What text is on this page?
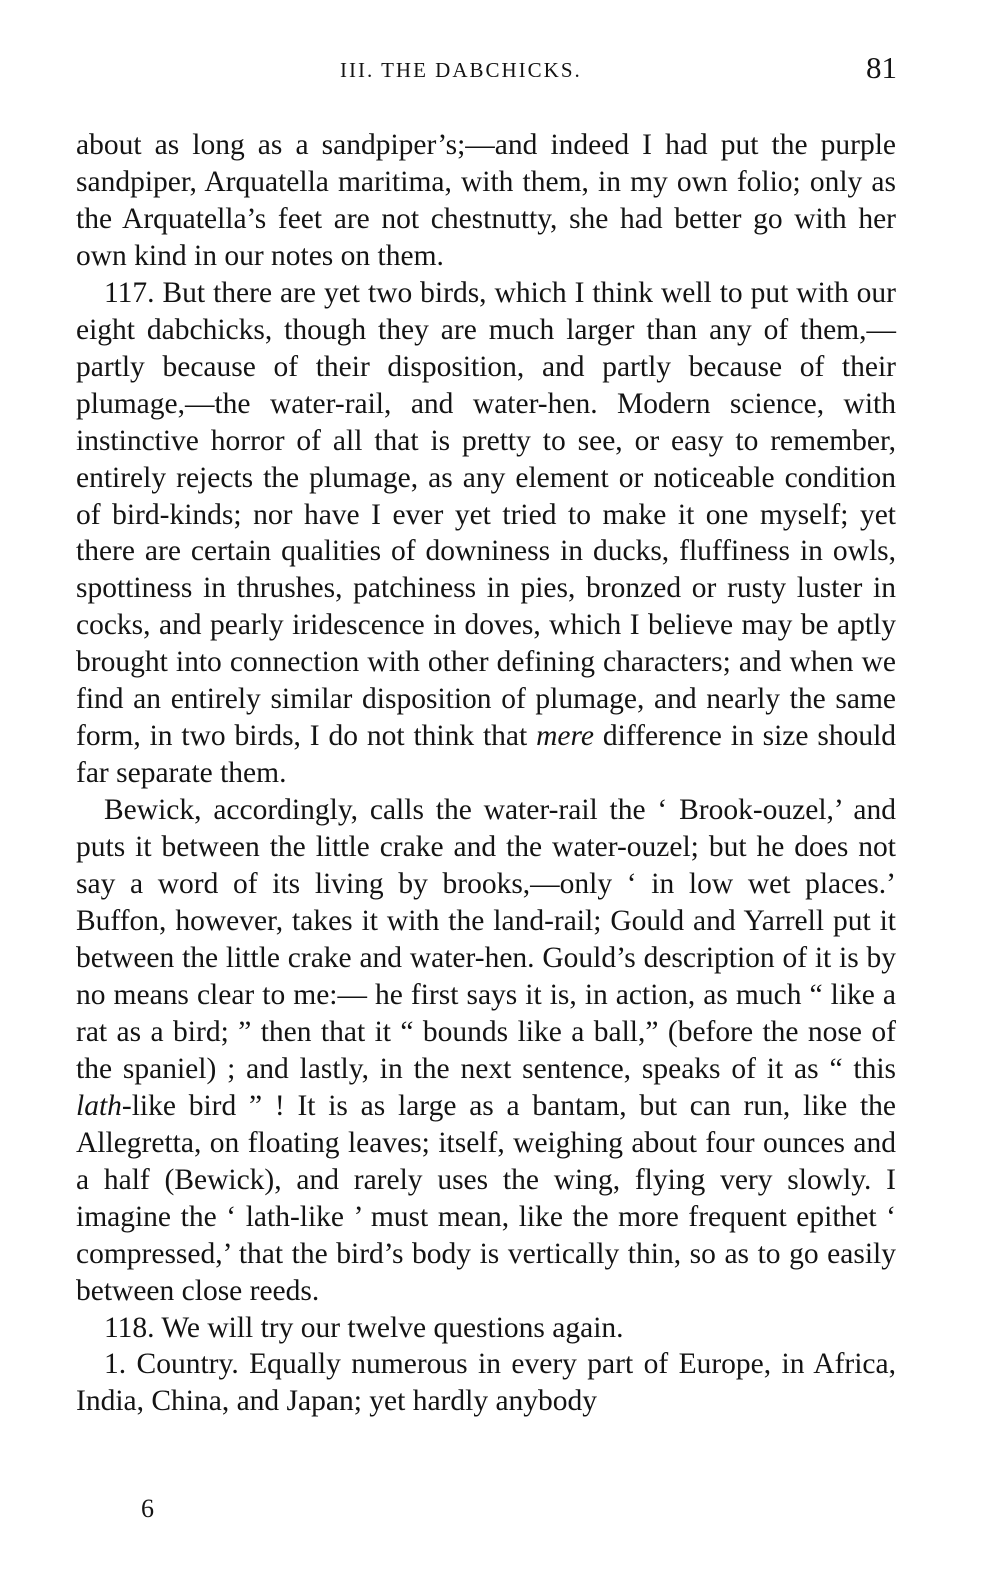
III. THE DABCHICKS.	81

about as long as a sandpiper’s;—and indeed I had put the purple sandpiper, Arquatella maritima, with them, in my own folio; only as the Arquatella’s feet are not chestnutty, she had better go with her own kind in our notes on them.

117. But there are yet two birds, which I think well to put with our eight dabchicks, though they are much larger than any of them,—partly because of their disposition, and partly because of their plumage,—the water-rail, and water-hen. Modern science, with instinctive horror of all that is pretty to see, or easy to remember, entirely rejects the plumage, as any element or noticeable condition of bird-kinds; nor have I ever yet tried to make it one myself; yet there are certain qualities of downiness in ducks, fluffiness in owls, spottiness in thrushes, patchiness in pies, bronzed or rusty luster in cocks, and pearly iridescence in doves, which I believe may be aptly brought into connection with other defining characters; and when we find an entirely similar disposition of plumage, and nearly the same form, in two birds, I do not think that mere difference in size should far separate them.

Bewick, accordingly, calls the water-rail the ‘ Brook-ouzel,’ and puts it between the little crake and the water-ouzel; but he does not say a word of its living by brooks,—only ‘ in low wet places.’ Buffon, however, takes it with the land-rail; Gould and Yarrell put it between the little crake and water-hen. Gould’s description of it is by no means clear to me:— he first says it is, in action, as much “ like a rat as a bird; ” then that it “ bounds like a ball,” (before the nose of the spaniel) ; and lastly, in the next sentence, speaks of it as “ this lath-like bird ” ! It is as large as a bantam, but can run, like the Allegretta, on floating leaves; itself, weighing about four ounces and a half (Bewick), and rarely uses the wing, flying very slowly. I imagine the ‘ lath-like ’ must mean, like the more frequent epithet ‘ compressed,’ that the bird’s body is vertically thin, so as to go easily between close reeds.

118. We will try our twelve questions again.

1. Country. Equally numerous in every part of Europe, in Africa, India, China, and Japan; yet hardly anybody

6
